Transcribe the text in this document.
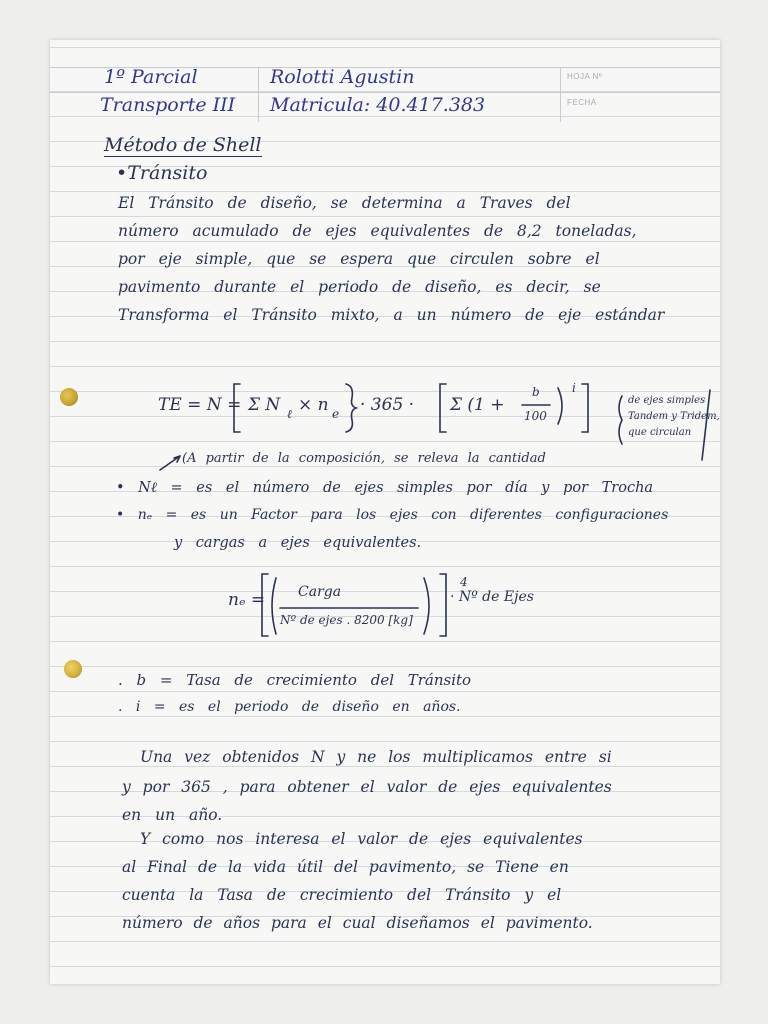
HOJA Nº
FECHA
1º Parcial
Transporte III
Rolotti Agustin
Matricula: 40.417.383
Método de Shell
•Tránsito
El Tránsito de diseño, se determina a Traves del
número acumulado de ejes equivalentes de 8,2 toneladas,
por eje simple, que se espera que circulen sobre el
pavimento durante el periodo de diseño, es decir, se
Transforma el Tránsito mixto, a un número de eje estándar
TE = N = Σ N ℓ × n e · 365 · Σ (1 +
b
100
i
de ejes simples
Tandem y Tridem,
que circulan
(A partir de la composición, se releva la cantidad
• Nℓ = es el número de ejes simples por día y por Trocha
• nₑ = es un Factor para los ejes con diferentes configuraciones
y cargas a ejes equivalentes.
nₑ = Carga
Nº de ejes . 8200 [kg]
4
· Nº de Ejes
. b = Tasa de crecimiento del Tránsito
. i = es el periodo de diseño en años.
Una vez obtenidos N y ne los multiplicamos entre si
y por 365 , para obtener el valor de ejes equivalentes
en un año.
Y como nos interesa el valor de ejes equivalentes
al Final de la vida útil del pavimento, se Tiene en
cuenta la Tasa de crecimiento del Tránsito y el
número de años para el cual diseñamos el pavimento.
